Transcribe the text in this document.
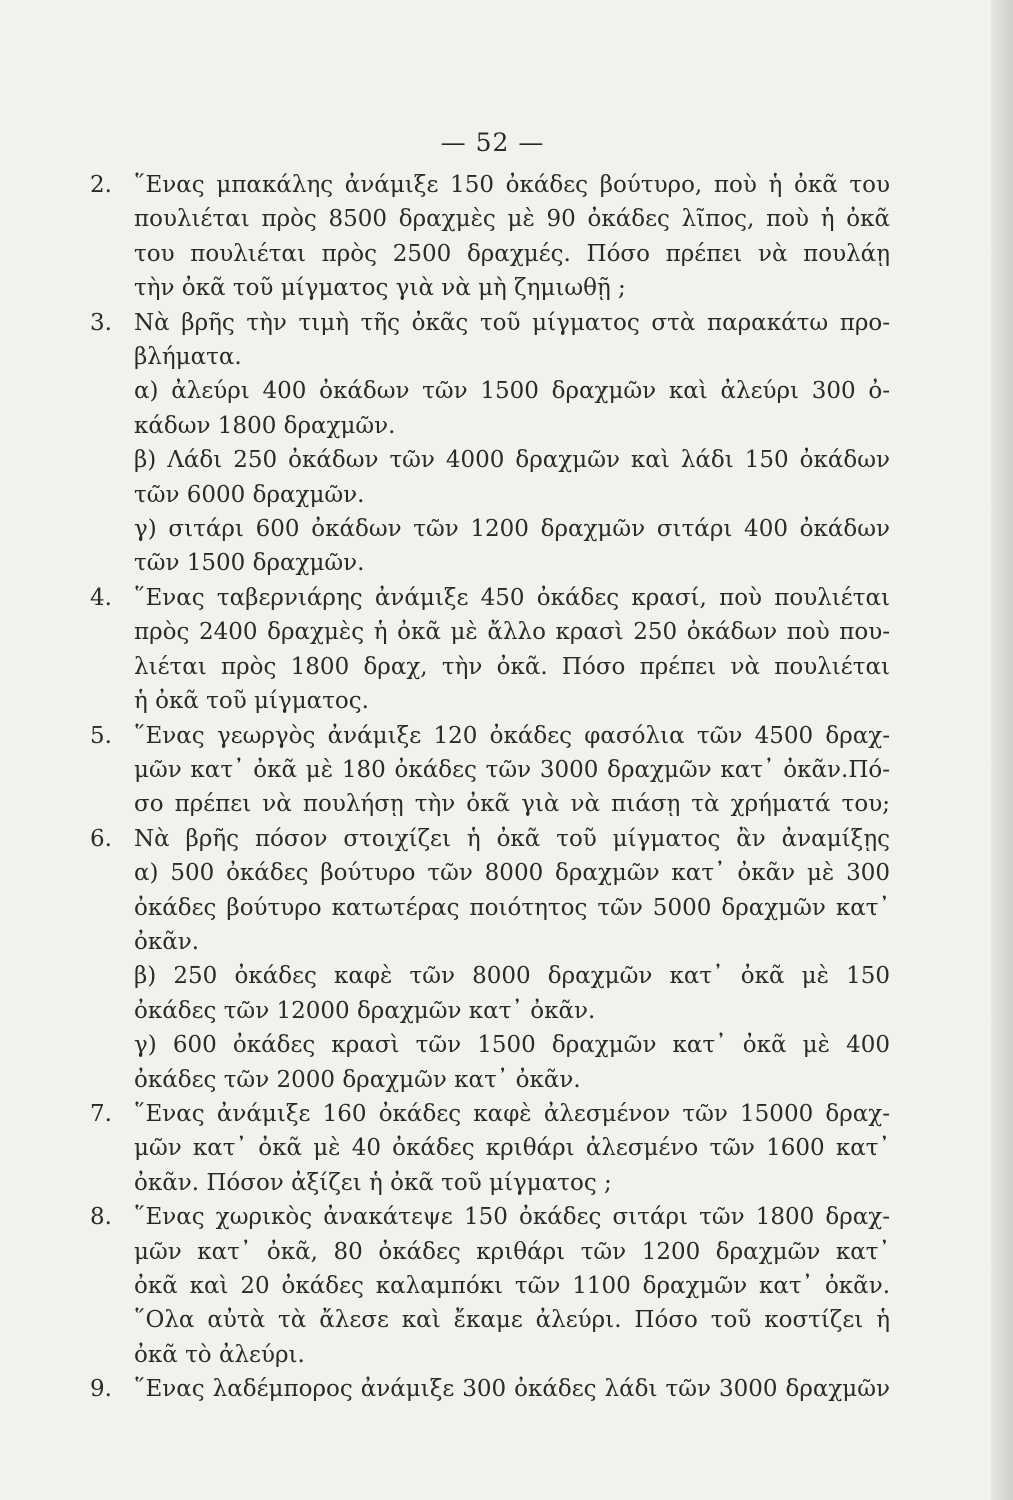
— 52 —
2. ῞Ενας μπακάλης ἀνάμιξε 150 ὀκάδες βούτυρο, ποὺ ἡ ὀκᾶ του
πουλιέται πρὸς 8500 δραχμὲς μὲ 90 ὀκάδες λῖπος, ποὺ ἡ ὀκᾶ
του πουλιέται πρὸς 2500 δραχμές. Πόσο πρέπει νὰ πουλάῃ
τὴν ὀκᾶ τοῦ μίγματος γιὰ νὰ μὴ ζημιωθῇ ;
3. Νὰ βρῆς τὴν τιμὴ τῆς ὀκᾶς τοῦ μίγματος στὰ παρακάτω προ-
βλήματα.
α) ἀλεύρι 400 ὀκάδων τῶν 1500 δραχμῶν καὶ ἀλεύρι 300 ὀ-
κάδων 1800 δραχμῶν.
β) Λάδι 250 ὀκάδων τῶν 4000 δραχμῶν καὶ λάδι 150 ὀκάδων
τῶν 6000 δραχμῶν.
γ) σιτάρι 600 ὀκάδων τῶν 1200 δραχμῶν σιτάρι 400 ὀκάδων
τῶν 1500 δραχμῶν.
4. ῞Ενας ταβερνιάρης ἀνάμιξε 450 ὀκάδες κρασί, ποὺ πουλιέται
πρὸς 2400 δραχμὲς ἡ ὀκᾶ μὲ ἄλλο κρασὶ 250 ὀκάδων ποὺ που-
λιέται πρὸς 1800 δραχ, τὴν ὀκᾶ. Πόσο πρέπει νὰ πουλιέται
ἡ ὀκᾶ τοῦ μίγματος.
5. ῞Ενας γεωργὸς ἀνάμιξε 120 ὀκάδες φασόλια τῶν 4500 δραχ-
μῶν κατ᾿ ὀκᾶ μὲ 180 ὀκάδες τῶν 3000 δραχμῶν κατ᾿ ὀκᾶν.Πό-
σο πρέπει νὰ πουλήσῃ τὴν ὀκᾶ γιὰ νὰ πιάσῃ τὰ χρήματά του;
6. Νὰ βρῆς πόσον στοιχίζει ἡ ὀκᾶ τοῦ μίγματος ἂν ἀναμίξῃς
α) 500 ὀκάδες βούτυρο τῶν 8000 δραχμῶν κατ᾿ ὀκᾶν μὲ 300
ὀκάδες βούτυρο κατωτέρας ποιότητος τῶν 5000 δραχμῶν κατ᾿
ὀκᾶν.
β) 250 ὀκάδες καφὲ τῶν 8000 δραχμῶν κατ᾿ ὀκᾶ μὲ 150
ὀκάδες τῶν 12000 δραχμῶν κατ᾿ ὀκᾶν.
γ) 600 ὀκάδες κρασὶ τῶν 1500 δραχμῶν κατ᾿ ὀκᾶ μὲ 400
ὀκάδες τῶν 2000 δραχμῶν κατ᾿ ὀκᾶν.
7. ῞Ενας ἀνάμιξε 160 ὀκάδες καφὲ ἀλεσμένον τῶν 15000 δραχ-
μῶν κατ᾿ ὀκᾶ μὲ 40 ὀκάδες κριθάρι ἀλεσμένο τῶν 1600 κατ᾿
ὀκᾶν. Πόσον ἀξίζει ἡ ὀκᾶ τοῦ μίγματος ;
8. ῞Ενας χωρικὸς ἀνακάτεψε 150 ὀκάδες σιτάρι τῶν 1800 δραχ-
μῶν κατ᾿ ὀκᾶ, 80 ὀκάδες κριθάρι τῶν 1200 δραχμῶν κατ᾿
ὀκᾶ καὶ 20 ὀκάδες καλαμπόκι τῶν 1100 δραχμῶν κατ᾿ ὀκᾶν.
῞Ολα αὐτὰ τὰ ἄλεσε καὶ ἔκαμε ἀλεύρι. Πόσο τοῦ κοστίζει ἡ
ὀκᾶ τὸ ἀλεύρι.
9. ῞Ενας λαδέμπορος ἀνάμιξε 300 ὀκάδες λάδι τῶν 3000 δραχμῶν
